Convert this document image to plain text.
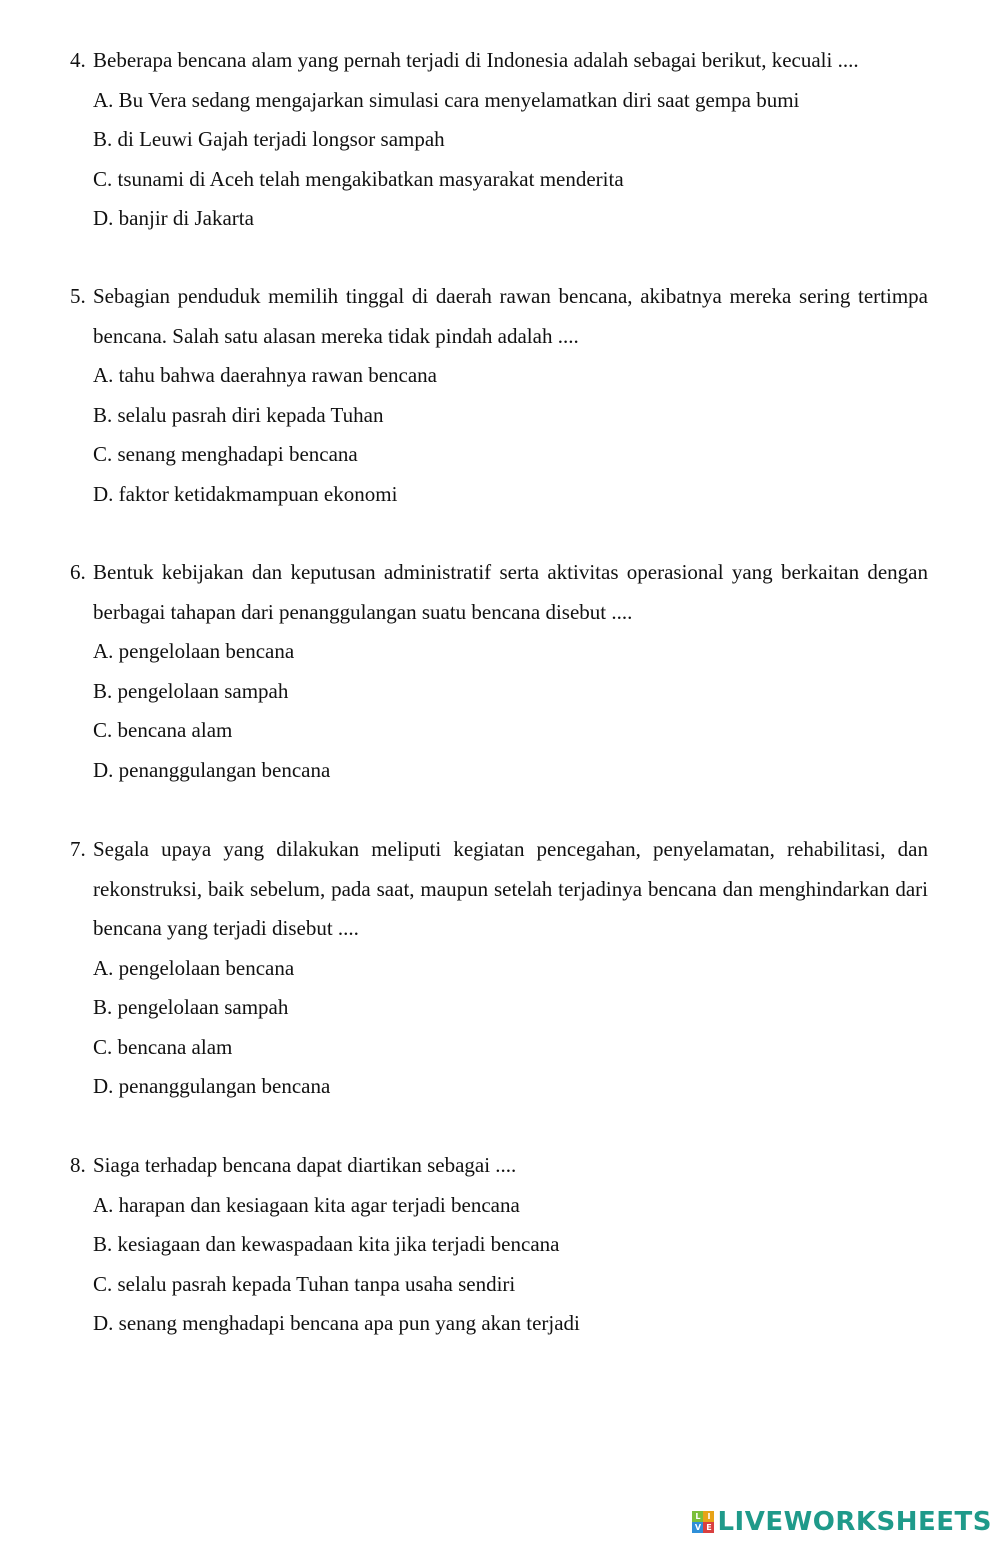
4. Beberapa bencana alam yang pernah terjadi di Indonesia adalah sebagai berikut, kecuali ....
A. Bu Vera sedang mengajarkan simulasi cara menyelamatkan diri saat gempa bumi
B. di Leuwi Gajah terjadi longsor sampah
C. tsunami di Aceh telah mengakibatkan masyarakat menderita
D. banjir di Jakarta
5. Sebagian penduduk memilih tinggal di daerah rawan bencana, akibatnya mereka sering tertimpa bencana. Salah satu alasan mereka tidak pindah adalah ....
A. tahu bahwa daerahnya rawan bencana
B. selalu pasrah diri kepada Tuhan
C. senang menghadapi bencana
D. faktor ketidakmampuan ekonomi
6. Bentuk kebijakan dan keputusan administratif serta aktivitas operasional yang berkaitan dengan berbagai tahapan dari penanggulangan suatu bencana disebut ....
A. pengelolaan bencana
B. pengelolaan sampah
C. bencana alam
D. penanggulangan bencana
7. Segala upaya yang dilakukan meliputi kegiatan pencegahan, penyelamatan, rehabilitasi, dan rekonstruksi, baik sebelum, pada saat, maupun setelah terjadinya bencana dan menghindarkan dari bencana yang terjadi disebut ....
A. pengelolaan bencana
B. pengelolaan sampah
C. bencana alam
D. penanggulangan bencana
8. Siaga terhadap bencana dapat diartikan sebagai ....
A. harapan dan kesiagaan kita agar terjadi bencana
B. kesiagaan dan kewaspadaan kita jika terjadi bencana
C. selalu pasrah kepada Tuhan tanpa usaha sendiri
D. senang menghadapi bencana apa pun yang akan terjadi
L I
V E LIVEWORKSHEETS
